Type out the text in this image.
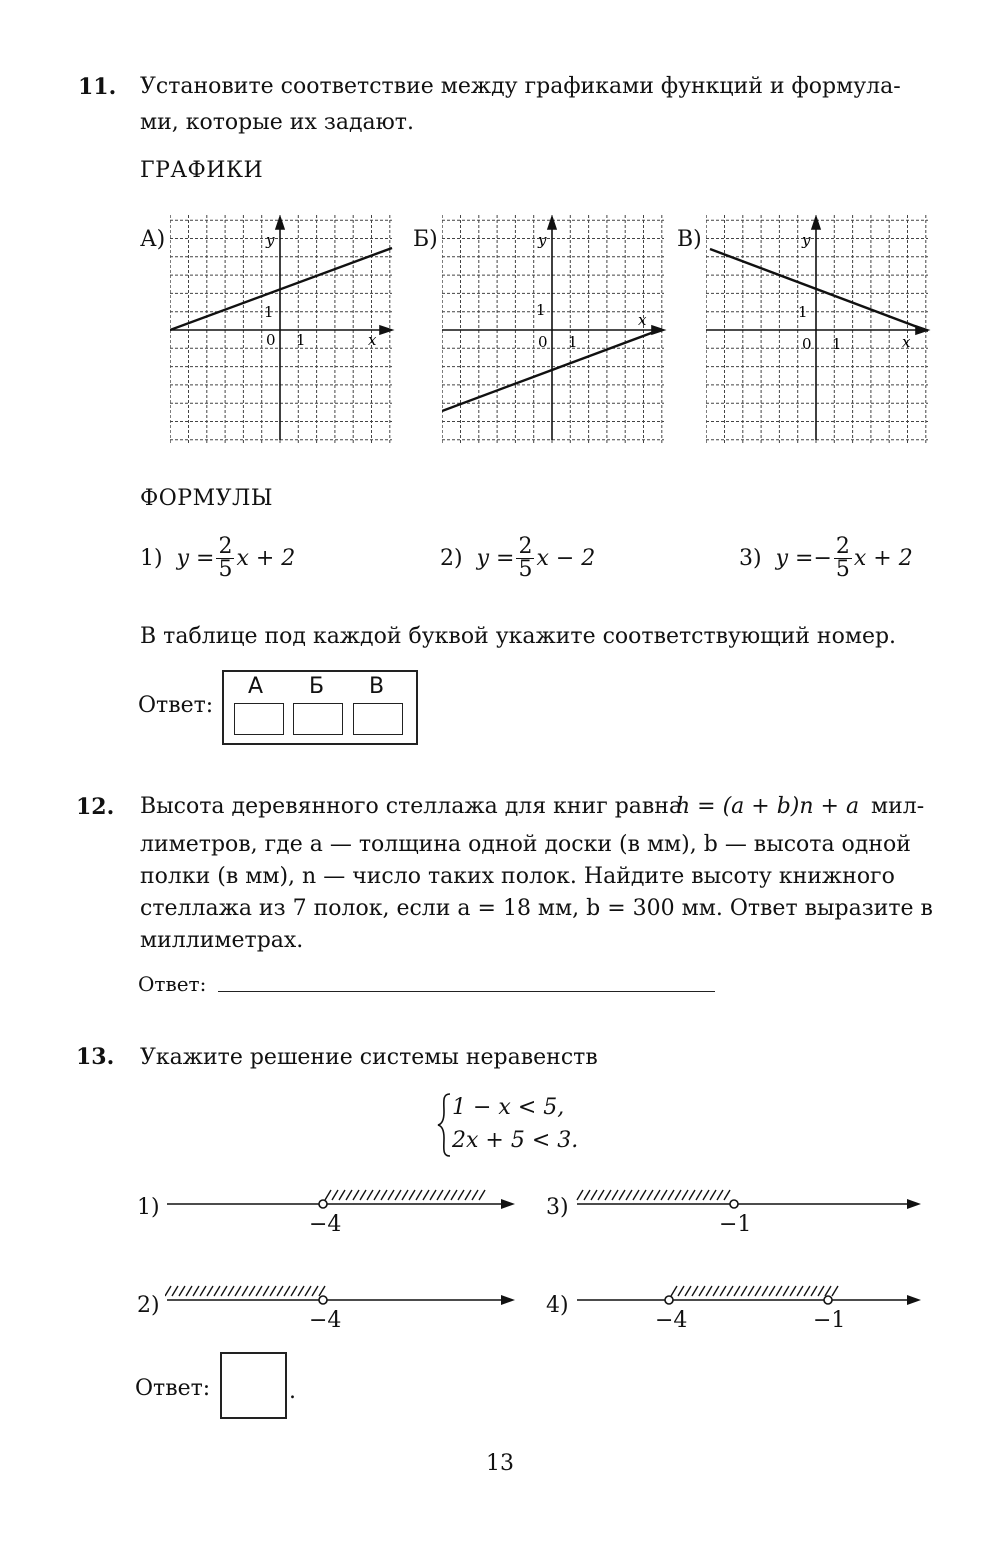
11. Установите соответствие между графиками функций и формула-
ми, которые их задают.
ГРАФИКИ
А)	Б)	В)
y
x
1
0 1
y
x
1
0 1
y
x
1
0 1
ФОРМУЛЫ
1) $y = \frac{2}{5}$ x + 2	2) $y = \frac{2}{5}$ x − 2	3) y = − $\frac{2}{5}$ x + 2
В таблице под каждой буквой укажите соответствующий номер.
Ответ:
А Б В
12. Высота деревянного стеллажа для книг равна
h = (a + b)n + a мил-
лиметров, где a — толщина одной доски (в мм), b — высота одной
полки (в мм), n — число таких полок. Найдите высоту книжного
стеллажа из 7 полок, если a = 18 мм, b = 300 мм. Ответ выразите в
миллиметрах.
Ответ:
13. Укажите решение системы неравенств
1 − x < 5,
2x + 5 < 3.
1)
2)
3)
4)
−4
−4
−1
−4	−1
Ответ:	.
13
